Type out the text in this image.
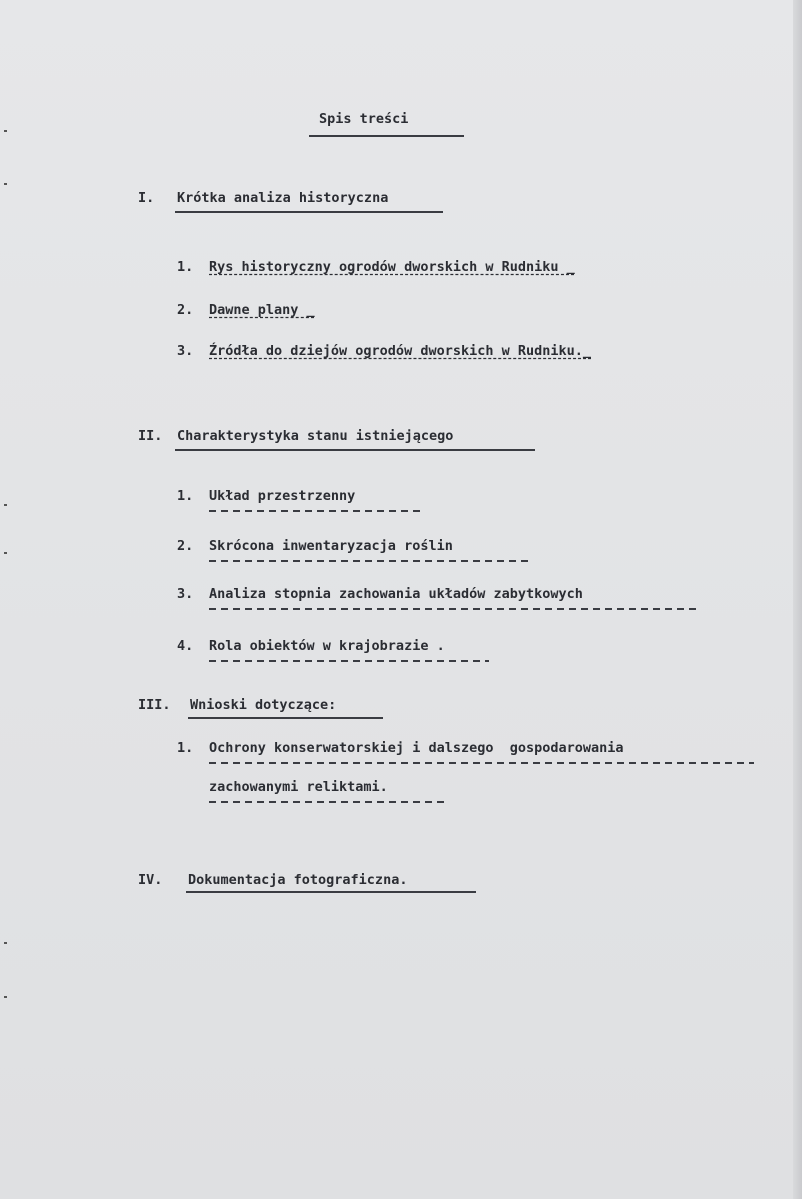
Spis treści
I. Krótka analiza historyczna
1. Rys historyczny ogrodów dworskich w Rudniku _
2. Dawne plany _
3. Źródła do dziejów ogrodów dworskich w Rudniku._
II. Charakterystyka stanu istniejącego
1. Układ przestrzenny
2. Skrócona inwentaryzacja roślin
3. Analiza stopnia zachowania układów zabytkowych
4. Rola obiektów w krajobrazie .
III. Wnioski dotyczące:
1. Ochrony konserwatorskiej i dalszego  gospodarowania
zachowanymi reliktami.
IV. Dokumentacja fotograficzna.
